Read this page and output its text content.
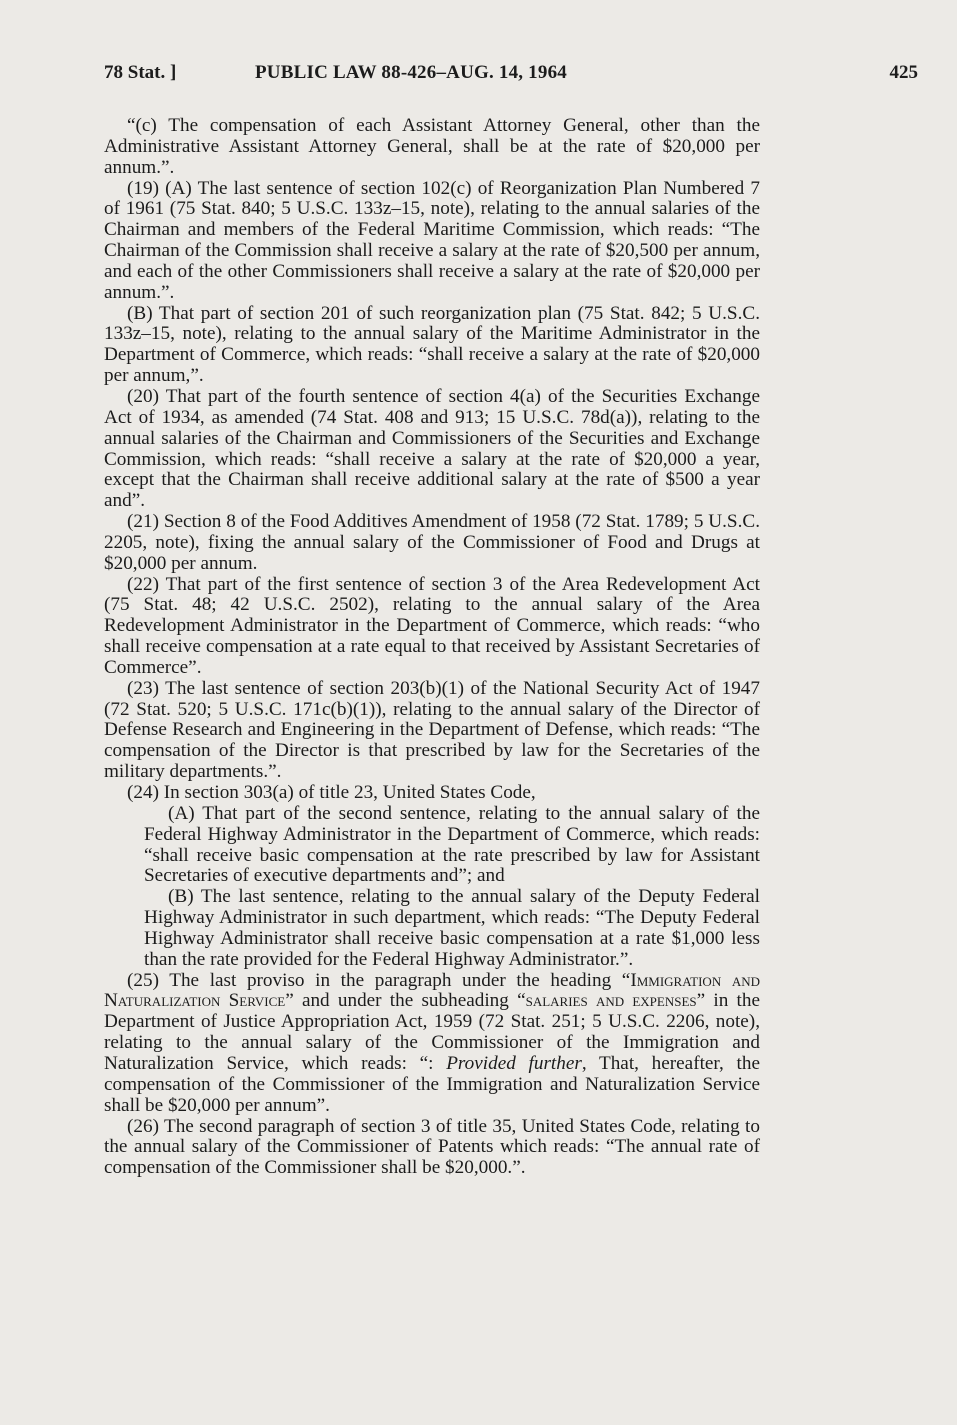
78 Stat. ]	PUBLIC LAW 88-426–AUG. 14, 1964	425

“(c) The compensation of each Assistant Attorney General, other than the Administrative Assistant Attorney General, shall be at the rate of $20,000 per annum.”.

(19) (A) The last sentence of section 102(c) of Reorganization Plan Numbered 7 of 1961 (75 Stat. 840; 5 U.S.C. 133z–15, note), relating to the annual salaries of the Chairman and members of the Federal Maritime Commission, which reads: “The Chairman of the Commission shall receive a salary at the rate of $20,500 per annum, and each of the other Commissioners shall receive a salary at the rate of $20,000 per annum.”.

(B) That part of section 201 of such reorganization plan (75 Stat. 842; 5 U.S.C. 133z–15, note), relating to the annual salary of the Maritime Administrator in the Department of Commerce, which reads: “shall receive a salary at the rate of $20,000 per annum,”.

(20) That part of the fourth sentence of section 4(a) of the Securities Exchange Act of 1934, as amended (74 Stat. 408 and 913; 15 U.S.C. 78d(a)), relating to the annual salaries of the Chairman and Commissioners of the Securities and Exchange Commission, which reads: “shall receive a salary at the rate of $20,000 a year, except that the Chairman shall receive additional salary at the rate of $500 a year and”.

(21) Section 8 of the Food Additives Amendment of 1958 (72 Stat. 1789; 5 U.S.C. 2205, note), fixing the annual salary of the Commissioner of Food and Drugs at $20,000 per annum.

(22) That part of the first sentence of section 3 of the Area Redevelopment Act (75 Stat. 48; 42 U.S.C. 2502), relating to the annual salary of the Area Redevelopment Administrator in the Department of Commerce, which reads: “who shall receive compensation at a rate equal to that received by Assistant Secretaries of Commerce”.

(23) The last sentence of section 203(b)(1) of the National Security Act of 1947 (72 Stat. 520; 5 U.S.C. 171c(b)(1)), relating to the annual salary of the Director of Defense Research and Engineering in the Department of Defense, which reads: “The compensation of the Director is that prescribed by law for the Secretaries of the military departments.”.

(24) In section 303(a) of title 23, United States Code,

(A) That part of the second sentence, relating to the annual salary of the Federal Highway Administrator in the Department of Commerce, which reads: “shall receive basic compensation at the rate prescribed by law for Assistant Secretaries of executive departments and”; and

(B) The last sentence, relating to the annual salary of the Deputy Federal Highway Administrator in such department, which reads: “The Deputy Federal Highway Administrator shall receive basic compensation at a rate $1,000 less than the rate provided for the Federal Highway Administrator.”.

(25) The last proviso in the paragraph under the heading “Immigration and Naturalization Service” and under the subheading “salaries and expenses” in the Department of Justice Appropriation Act, 1959 (72 Stat. 251; 5 U.S.C. 2206, note), relating to the annual salary of the Commissioner of the Immigration and Naturalization Service, which reads: “: Provided further, That, hereafter, the compensation of the Commissioner of the Immigration and Naturalization Service shall be $20,000 per annum”.

(26) The second paragraph of section 3 of title 35, United States Code, relating to the annual salary of the Commissioner of Patents which reads: “The annual rate of compensation of the Commissioner shall be $20,000.”.
